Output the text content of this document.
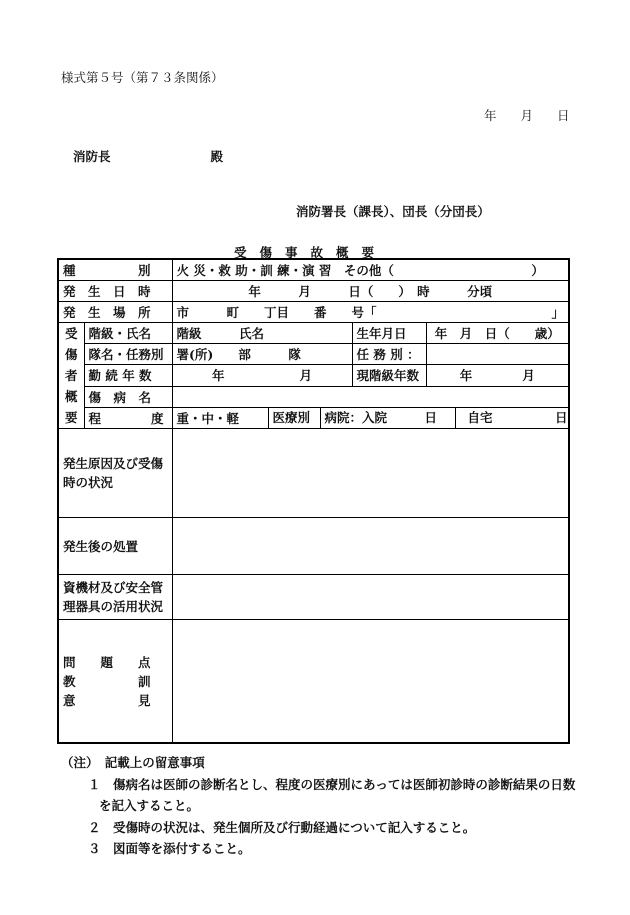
様式第５号（第７３条関係）
年 月 日
消防長　　　　　　　　殿
消防署長（課長）、団長（分団長）
受傷事故概要
種　　　　　別		火 災・救 助・訓 練・演 習　その他（　　　　　　　　　　　）			
発　生　日　時		年　　　月　　　日（　　）　時　　　分頃			
発　生　場　所		市　　　町　　丁目　　番　　号「　　　　　　　　　　　　　　」			
受傷者概要	階級・氏名	階級　　　氏名		生年月日	年　月　日（　　歳）
	隊名・任務別	署(所)　　部　　　隊		任 務 別 ：	
	勤 続 年 数	年　　　　　　月		現階級年数	年　　　　月
	傷　病　名				
	程　　　　度	重・中・軽	医療別 病院：入院　　　日 自宅　　　　　日		

発生原因及び受傷時の状況					
発生後の処置					
資機材及び安全管理器具の活用状況					

問　　題　　点
教　　　　　訓
意　　　　　見					

（注）　記載上の留意事項
１　傷病名は医師の診断名とし、程度の医療別にあっては医師初診時の診断結果の日数
を記入すること。
２　受傷時の状況は、発生個所及び行動経過について記入すること。
３　図面等を添付すること。
